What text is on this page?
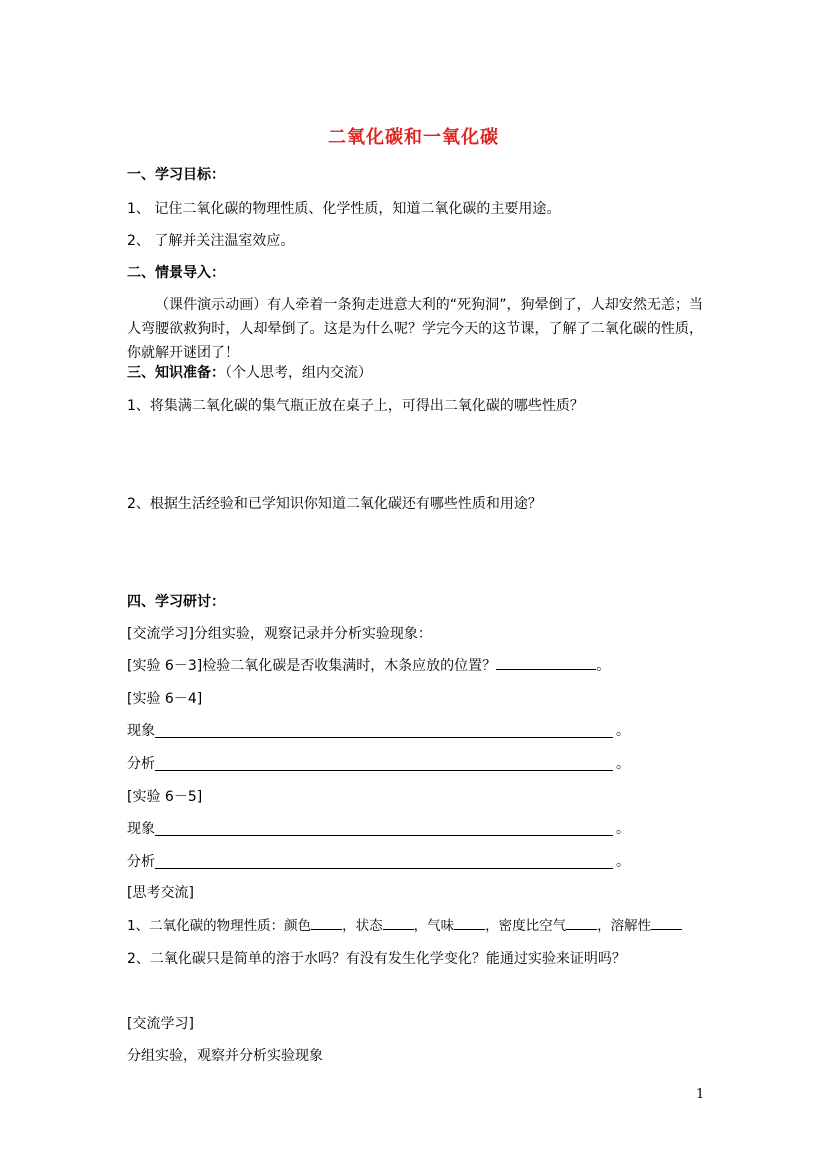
二氧化碳和一氧化碳
一、学习目标：
1、 记住二氧化碳的物理性质、化学性质，知道二氧化碳的主要用途。
2、 了解并关注温室效应。
二、情景导入：
（课件演示动画）有人牵着一条狗走进意大利的“死狗洞”，狗晕倒了，人却安然无恙；当人弯腰欲救狗时，人却晕倒了。这是为什么呢？学完今天的这节课，了解了二氧化碳的性质，你就解开谜团了！
三、知识准备：（个人思考，组内交流）
1、将集满二氧化碳的集气瓶正放在桌子上，可得出二氧化碳的哪些性质？
2、根据生活经验和已学知识你知道二氧化碳还有哪些性质和用途？
四、学习研讨：
[交流学习]分组实验，观察记录并分析实验现象：
[实验 6－3]检验二氧化碳是否收集满时，木条应放的位置？	。
[实验 6－4]
现象	。
分析	。
[实验 6－5]
现象	。
分析	。
[思考交流]
1、二氧化碳的物理性质：颜色 ，状态 ，气味 ，密度比空气 ，溶解性
2、二氧化碳只是简单的溶于水吗？有没有发生化学变化？能通过实验来证明吗？
[交流学习]
分组实验，观察并分析实验现象
1
